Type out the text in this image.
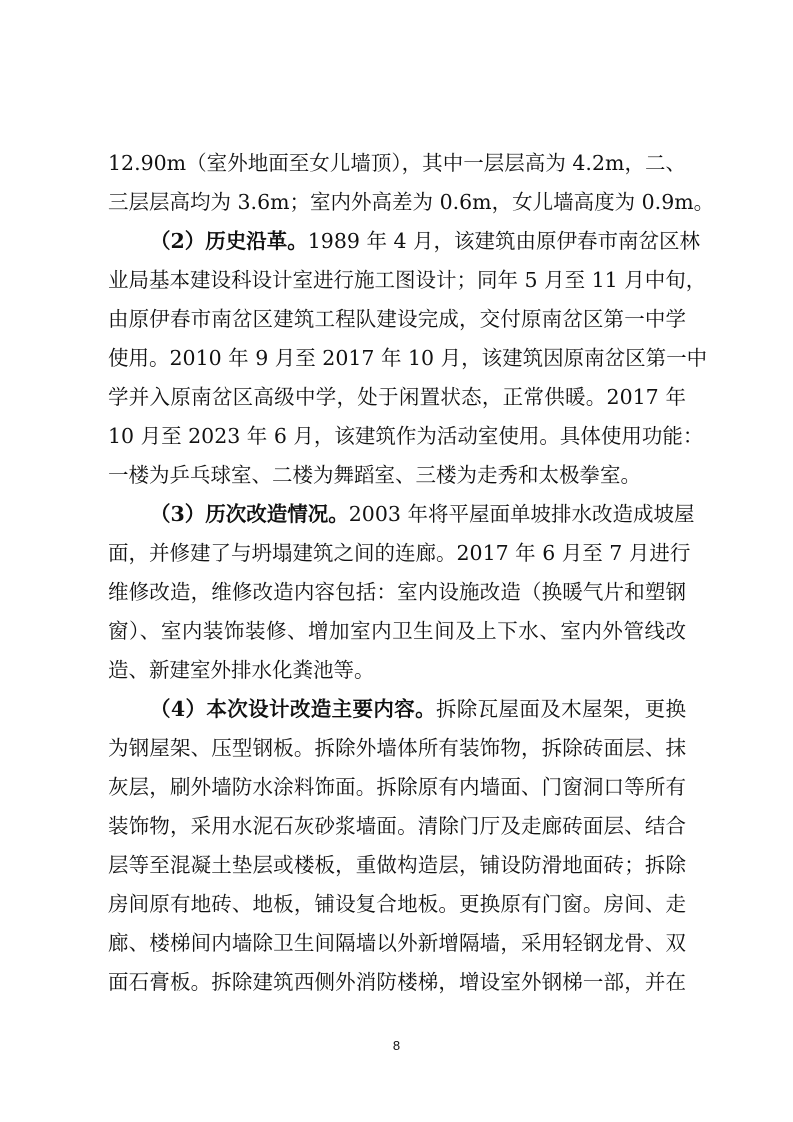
12.90m（室外地面至女儿墙顶），其中一层层高为 4.2m，二、
三层层高均为 3.6m；室内外高差为 0.6m，女儿墙高度为 0.9m。
（2）历史沿革。1989 年 4 月，该建筑由原伊春市南岔区林
业局基本建设科设计室进行施工图设计；同年 5 月至 11 月中旬，
由原伊春市南岔区建筑工程队建设完成，交付原南岔区第一中学
使用。2010 年 9 月至 2017 年 10 月，该建筑因原南岔区第一中
学并入原南岔区高级中学，处于闲置状态，正常供暖。2017 年
10 月至 2023 年 6 月，该建筑作为活动室使用。具体使用功能：
一楼为乒乓球室、二楼为舞蹈室、三楼为走秀和太极拳室。
（3）历次改造情况。2003 年将平屋面单坡排水改造成坡屋
面，并修建了与坍塌建筑之间的连廊。2017 年 6 月至 7 月进行
维修改造，维修改造内容包括：室内设施改造（换暖气片和塑钢
窗）、室内装饰装修、增加室内卫生间及上下水、室内外管线改
造、新建室外排水化粪池等。
（4）本次设计改造主要内容。拆除瓦屋面及木屋架，更换
为钢屋架、压型钢板。拆除外墙体所有装饰物，拆除砖面层、抹
灰层，刷外墙防水涂料饰面。拆除原有内墙面、门窗洞口等所有
装饰物，采用水泥石灰砂浆墙面。清除门厅及走廊砖面层、结合
层等至混凝土垫层或楼板，重做构造层，铺设防滑地面砖；拆除
房间原有地砖、地板，铺设复合地板。更换原有门窗。房间、走
廊、楼梯间内墙除卫生间隔墙以外新增隔墙，采用轻钢龙骨、双
面石膏板。拆除建筑西侧外消防楼梯，增设室外钢梯一部，并在
8
